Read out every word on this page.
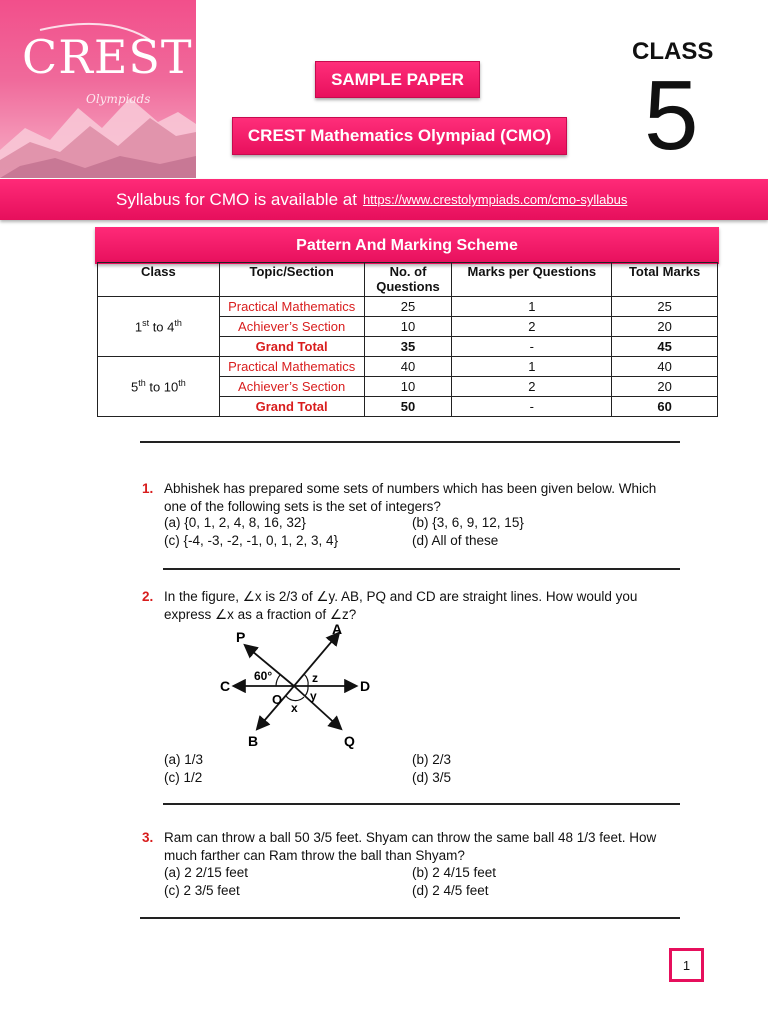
CREST
Olympiads
SAMPLE PAPER
CREST Mathematics Olympiad (CMO)
CLASS
5
Syllabus for CMO is available at https://www.crestolympiads.com/cmo-syllabus
Pattern And Marking Scheme
Class	Topic/Section	No. of Questions	Marks per Questions	Total Marks
	Practical Mathematics	25	1	25
1st to 4th	Achiever’s Section	10	2	20
	Grand Total	35	-	45
	Practical Mathematics	40	1	40
5th to 10th	Achiever’s Section	10	2	20
	Grand Total	50	-	60
1. Abhishek has prepared some sets of numbers which has been given below. Which one of the following sets is the set of integers?
(a) {0, 1, 2, 4, 8, 16, 32}	(b) {3, 6, 9, 12, 15}
(c) {-4, -3, -2, -1, 0, 1, 2, 3, 4}	(d) All of these
2. In the figure, ∠x is 2/3 of ∠y. AB, PQ and CD are straight lines. How would you express ∠x as a fraction of ∠z?
P	A
C	D
B	Q
O
60°
x
y
z
(a) 1/3	(b) 2/3
(c) 1/2	(d) 3/5
3. Ram can throw a ball 50 3/5 feet. Shyam can throw the same ball 48 1/3 feet. How
much farther can Ram throw the ball than Shyam?
(a) 2 2/15 feet	(b) 2 4/15 feet
(c) 2 3/5 feet	(d) 2 4/5 feet
1
